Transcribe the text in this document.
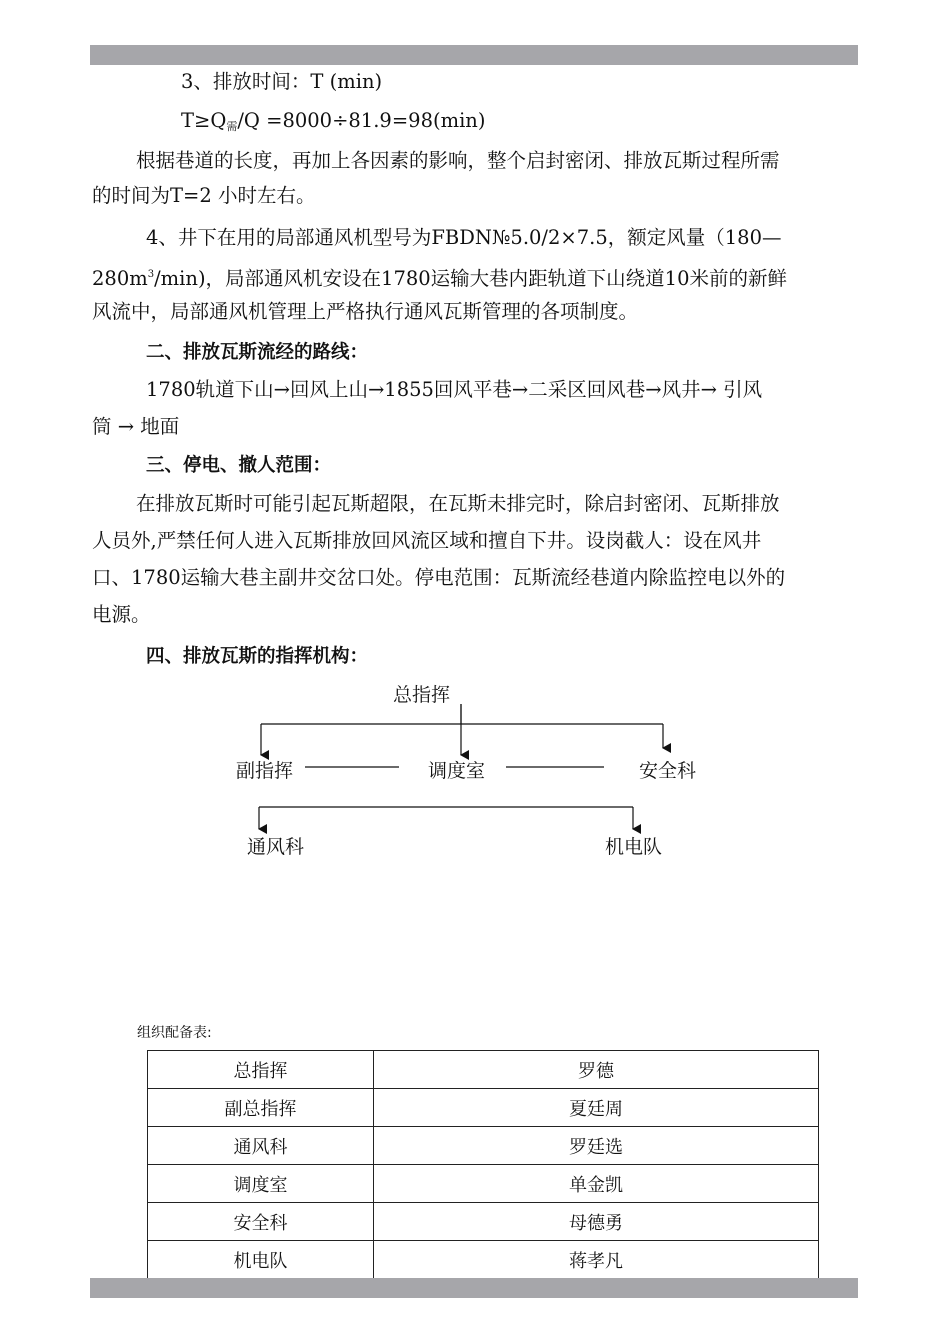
3、排放时间：T (min)
$T\ge Q_需/Q =8000\div 81.9=98(\min)$
根据巷道的长度，再加上各因素的影响，整个启封密闭、排放瓦斯过程所需
的时间为T=2 小时左右。
4、井下在用的局部通风机型号为FBDN№5.0/2×7.5，额定风量（180—
$280m^3/\min$)，局部通风机安设在1780运输大巷内距轨道下山绕道10米前的新鲜
风流中，局部通风机管理上严格执行通风瓦斯管理的各项制度。
二、排放瓦斯流经的路线：
1780轨道下山→回风上山→1855回风平巷→二采区回风巷→风井→ 引风
筒 → 地面
三、停电、撤人范围：
在排放瓦斯时可能引起瓦斯超限，在瓦斯未排完时，除启封密闭、瓦斯排放
人员外,严禁任何人进入瓦斯排放回风流区域和擅自下井。设岗截人：设在风井
口、1780运输大巷主副井交岔口处。停电范围：瓦斯流经巷道内除监控电以外的
电源。
四、排放瓦斯的指挥机构：
总指挥
副指挥	调度室	安全科
通风科	机电队
组织配备表:
总指挥	罗德
副总指挥	夏廷周
通风科	罗廷选
调度室	单金凯
安全科	母德勇
机电队	蒋孝凡
